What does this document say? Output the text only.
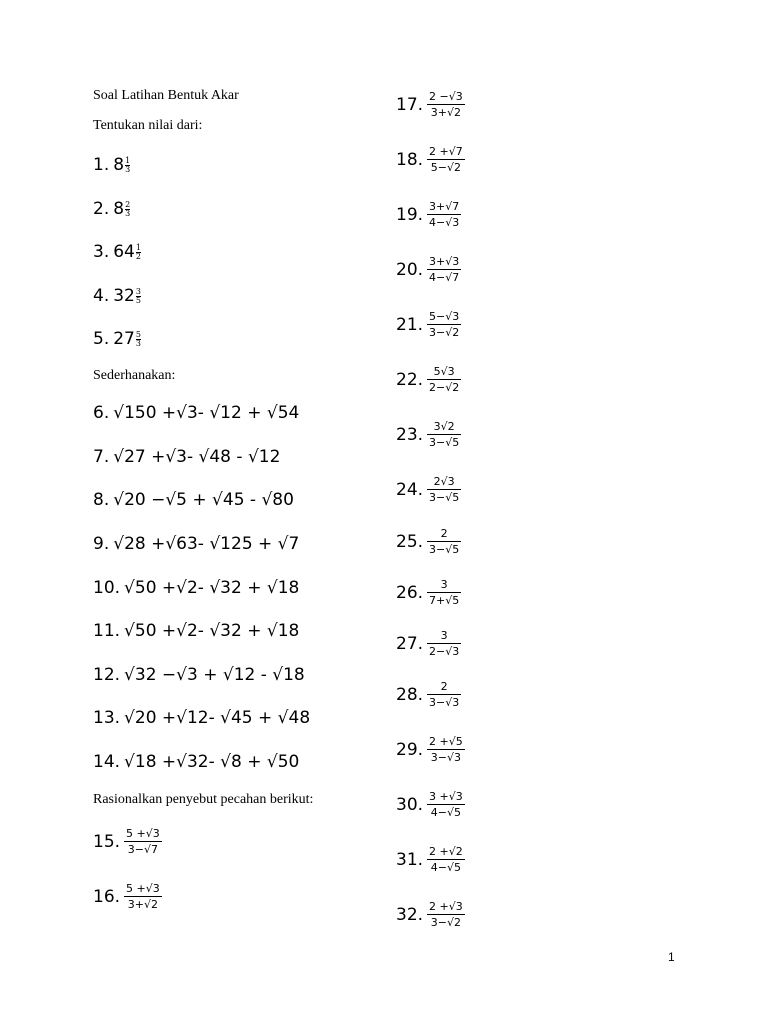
Soal Latihan Bentuk Akar
Tentukan nilai dari:
1. 8 1
3
2. 8 2
3
3. 64 1
2
4. 32 3
5
5. 27 5
3
Sederhanakan:
6. √150 +√3- √12 + √54
7. √27 +√3- √48 - √12
8. √20 −√5 + √45 - √80
9. √28 +√63- √125 + √7
10. √50 +√2- √32 + √18
11. √50 +√2- √32 + √18
12. √32 −√3 + √12 - √18
13. √20 +√12- √45 + √48
14. √18 +√32- √8 + √50
Rasionalkan penyebut pecahan berikut:
15. $\frac{5 +√3}{3-√7}$
16. $\frac{5 +√3}{3+√2}$
17. $\frac{2 -√3}{3+√2}$
18. $\frac{2 +√7}{5-√2}$
19. $\frac{3+√7}{4-√3}$
20. $\frac{3+√3}{4-√7}$
21. $\frac{5-√3}{3-√2}$
22. $\frac{5√3}{2-√2}$
23. $\frac{3√2}{3-√5}$
24. $\frac{2√3}{3-√5}$
25. $\frac{2}{3-√5}$
26. $\frac{3}{7+√5}$
27. $\frac{3}{2-√3}$
28. $\frac{2}{3-√3}$
29. $\frac{2 +√5}{3-√3}$
30. $\frac{3 +√3}{4-√5}$
31. $\frac{2 +√2}{4-√5}$
32. $\frac{2 +√3}{3-√2}$
1
